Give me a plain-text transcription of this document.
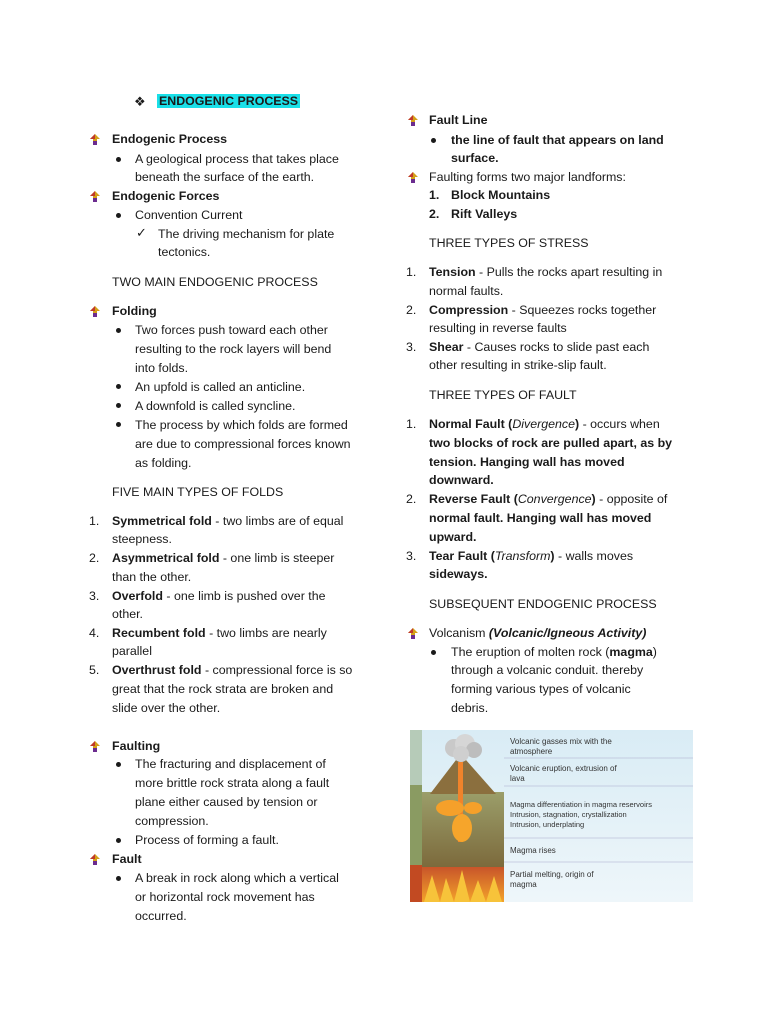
❖ ENDOGENIC PROCESS
Endogenic Process
A geological process that takes place
beneath the surface of the earth.
Endogenic Forces
Convention Current
✓ The driving mechanism for plate
tectonics.
TWO MAIN ENDOGENIC PROCESS
Folding
Two forces push toward each other
resulting to the rock layers will bend
into folds.
An upfold is called an anticline.
A downfold is called syncline.
The process by which folds are formed
are due to compressional forces known
as folding.
FIVE MAIN TYPES OF FOLDS
1. Symmetrical fold - two limbs are of equal
steepness.
2. Asymmetrical fold - one limb is steeper
than the other.
3. Overfold - one limb is pushed over the
other.
4. Recumbent fold - two limbs are nearly
parallel
5. Overthrust fold - compressional force is so
great that the rock strata are broken and
slide over the other.
Faulting
The fracturing and displacement of
more brittle rock strata along a fault
plane either caused by tension or
compression.
Process of forming a fault.
Fault
A break in rock along which a vertical
or horizontal rock movement has
occurred.
Fault Line
the line of fault that appears on land
surface.
Faulting forms two major landforms:
1. Block Mountains
2. Rift Valleys
THREE TYPES OF STRESS
1. Tension - Pulls the rocks apart resulting in
normal faults.
2. Compression - Squeezes rocks together
resulting in reverse faults
3. Shear - Causes rocks to slide past each
other resulting in strike-slip fault.
THREE TYPES OF FAULT
1. Normal Fault (Divergence) - occurs when
two blocks of rock are pulled apart, as by
tension. Hanging wall has moved
downward.
2. Reverse Fault (Convergence) - opposite of
normal fault. Hanging wall has moved
upward.
3. Tear Fault (Transform) - walls moves
sideways.
SUBSEQUENT ENDOGENIC PROCESS
Volcanism (Volcanic/Igneous Activity)
The eruption of molten rock (magma)
through a volcanic conduit. thereby
forming various types of volcanic
debris.
Volcanic gasses mix with the
atmosphere
Volcanic eruption, extrusion of
lava
Magma differentiation in magma reservoirs
Intrusion, stagnation, crystallization
Intrusion, underplating
Magma rises
Partial melting, origin of
magma
